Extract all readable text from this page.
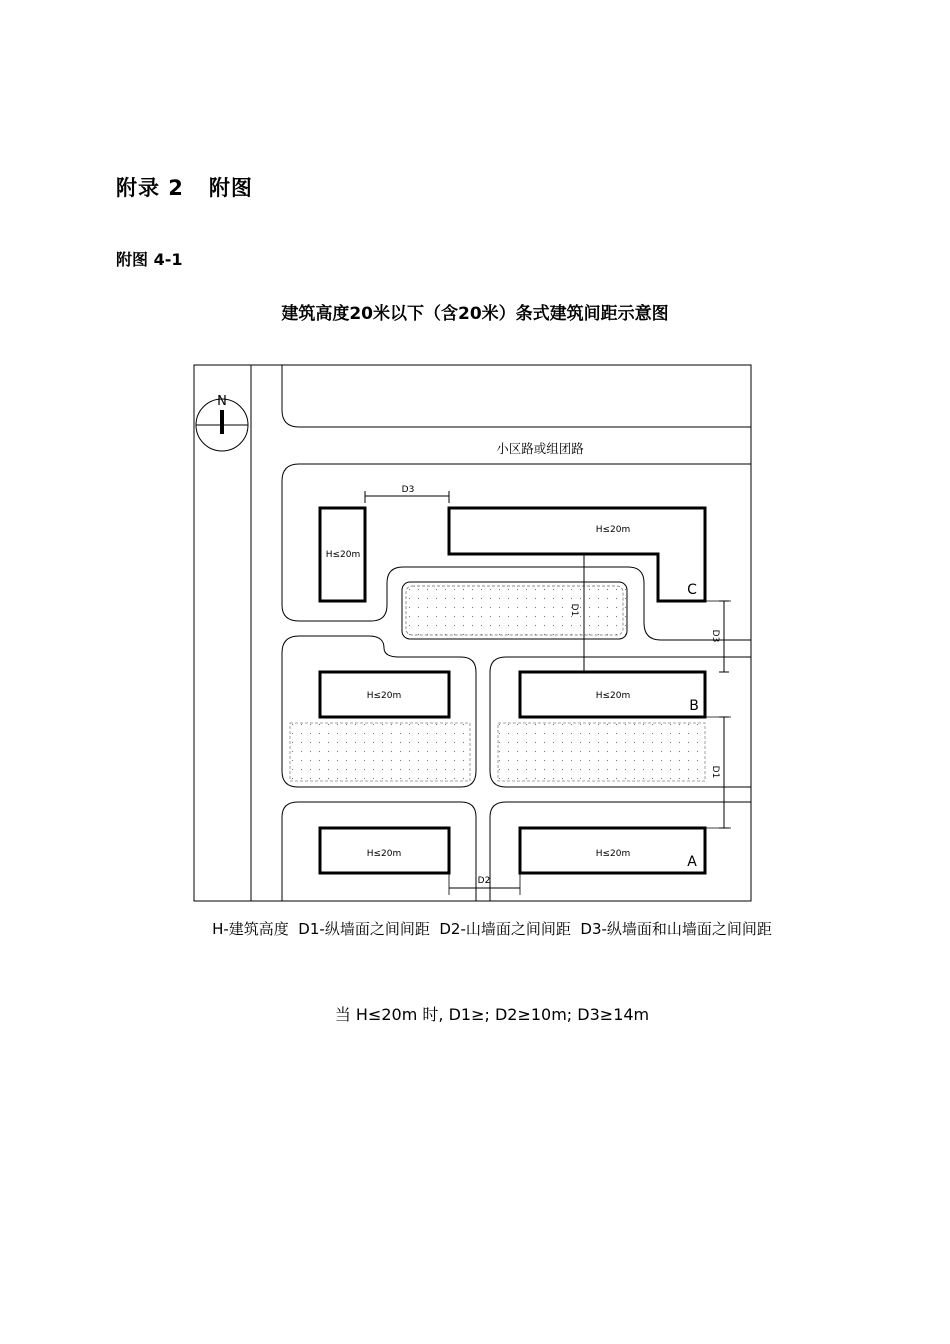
附录 2   附图
附图 4-1
建筑高度20米以下（含20米）条式建筑间距示意图
N
小区路或组团路
H≤20m
H≤20m
C
H≤20m	H≤20m
B
H≤20m	H≤20m	A
D3
D1
D3
D1
D2
H-建筑高度  D1-纵墙面之间间距  D2-山墙面之间间距  D3-纵墙面和山墙面之间间距
当 H≤20m 时, D1≥; D2≥10m; D3≥14m
